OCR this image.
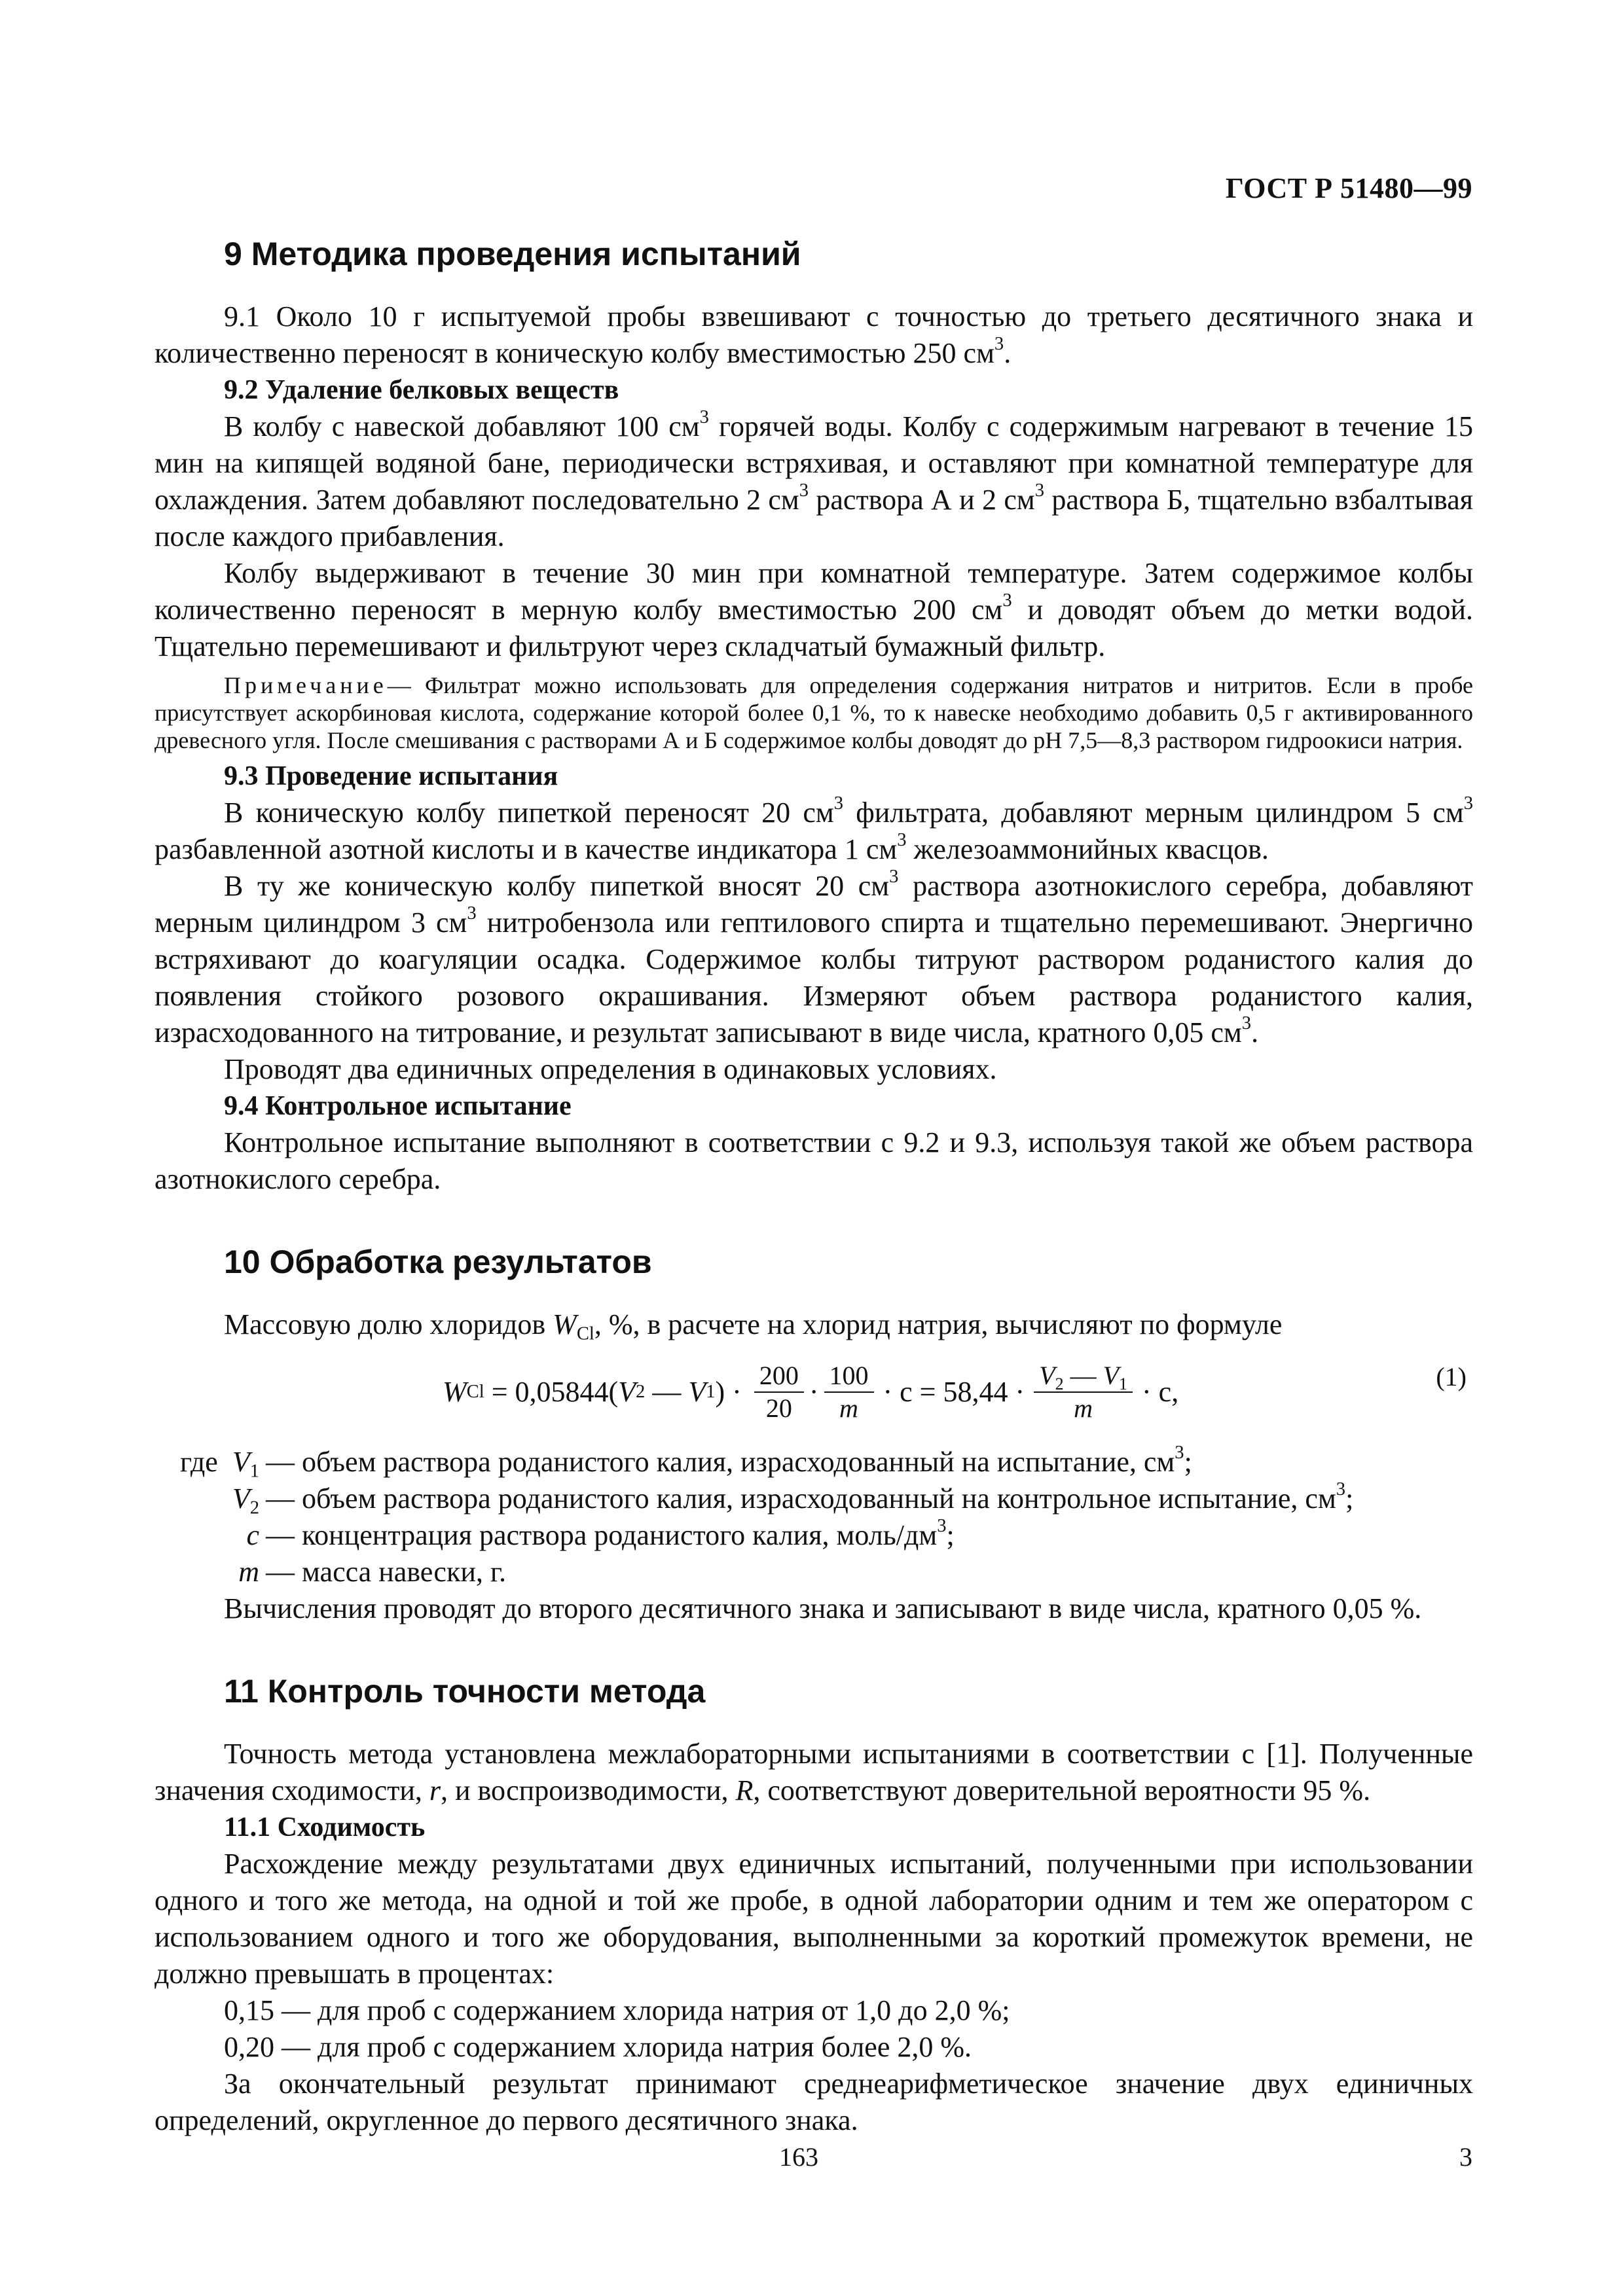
ГОСТ Р 51480—99
9 Методика проведения испытаний

9.1 Около 10 г испытуемой пробы взвешивают с точностью до третьего десятичного знака и количественно переносят в коническую колбу вместимостью 250 $см^3$.

9.2 Удаление белковых веществ

В колбу с навеской добавляют 100 $см^3$ горячей воды. Колбу с содержимым нагревают в течение 15 мин на кипящей водяной бане, периодически встряхивая, и оставляют при комнатной температуре для охлаждения. Затем добавляют последовательно 2 $см^3$ раствора А и 2 $см^3$ раствора Б, тщательно взбалтывая после каждого прибавления.

Колбу выдерживают в течение 30 мин при комнатной температуре. Затем содержимое колбы количественно переносят в мерную колбу вместимостью 200 $см^3$ и доводят объем до метки водой. Тщательно перемешивают и фильтруют через складчатый бумажный фильтр.

Примечание— Фильтрат можно использовать для определения содержания нитратов и нитритов. Если в пробе присутствует аскорбиновая кислота, содержание которой более 0,1 %, то к навеске необходимо добавить 0,5 г активированного древесного угля. После смешивания с растворами А и Б содержимое колбы доводят до рН 7,5—8,3 раствором гидроокиси натрия.
9.3 Проведение испытания

В коническую колбу пипеткой переносят 20 $см^3$ фильтрата, добавляют мерным цилиндром 5 $см^3$ разбавленной азотной кислоты и в качестве индикатора 1 $см^3$ железоаммонийных квасцов.

В ту же коническую колбу пипеткой вносят 20 $см^3$ раствора азотнокислого серебра, добавляют мерным цилиндром 3 $см^3$ нитробензола или гептилового спирта и тщательно перемешивают. Энергично встряхивают до коагуляции осадка. Содержимое колбы титруют раствором роданистого калия до появления стойкого розового окрашивания. Измеряют объем раствора роданистого калия, израсходованного на титрование, и результат записывают в виде числа, кратного 0,05 $см^3$.

Проводят два единичных определения в одинаковых условиях.

9.4 Контрольное испытание

Контрольное испытание выполняют в соответствии с 9.2 и 9.3, используя такой же объем раствора азотнокислого серебра.

10 Обработка результатов

Массовую долю хлоридов $W_{Cl}$, %, в расчете на хлорид натрия, вычисляют по формуле

W Cl = 0,05844( V 2 — V 1 ) · $\frac{200}{20} \cdot \frac{100}{m} \cdot c = 58,44 \cdot \frac{V_2 — V_1}{m} \cdot c$,	(1)
где $V_1$ — объем раствора роданистого калия, израсходованный на испытание, $см^3$;
$V_2$ — объем раствора роданистого калия, израсходованный на контрольное испытание, $см^3$;
c — концентрация раствора роданистого калия, моль/$дм^3$;
m — масса навески, г.

Вычисления проводят до второго десятичного знака и записывают в виде числа, кратного 0,05 %.

11 Контроль точности метода

Точность метода установлена межлабораторными испытаниями в соответствии с [1]. Полученные значения сходимости, r, и воспроизводимости, R, соответствуют доверительной вероятности 95 %.

11.1 Сходимость

Расхождение между результатами двух единичных испытаний, полученными при использовании одного и того же метода, на одной и той же пробе, в одной лаборатории одним и тем же оператором с использованием одного и того же оборудования, выполненными за короткий промежуток времени, не должно превышать в процентах:

0,15 — для проб с содержанием хлорида натрия от 1,0 до 2,0 %;

0,20 — для проб с содержанием хлорида натрия более 2,0 %.

За окончательный результат принимают среднеарифметическое значение двух единичных определений, округленное до первого десятичного знака.

163	3
